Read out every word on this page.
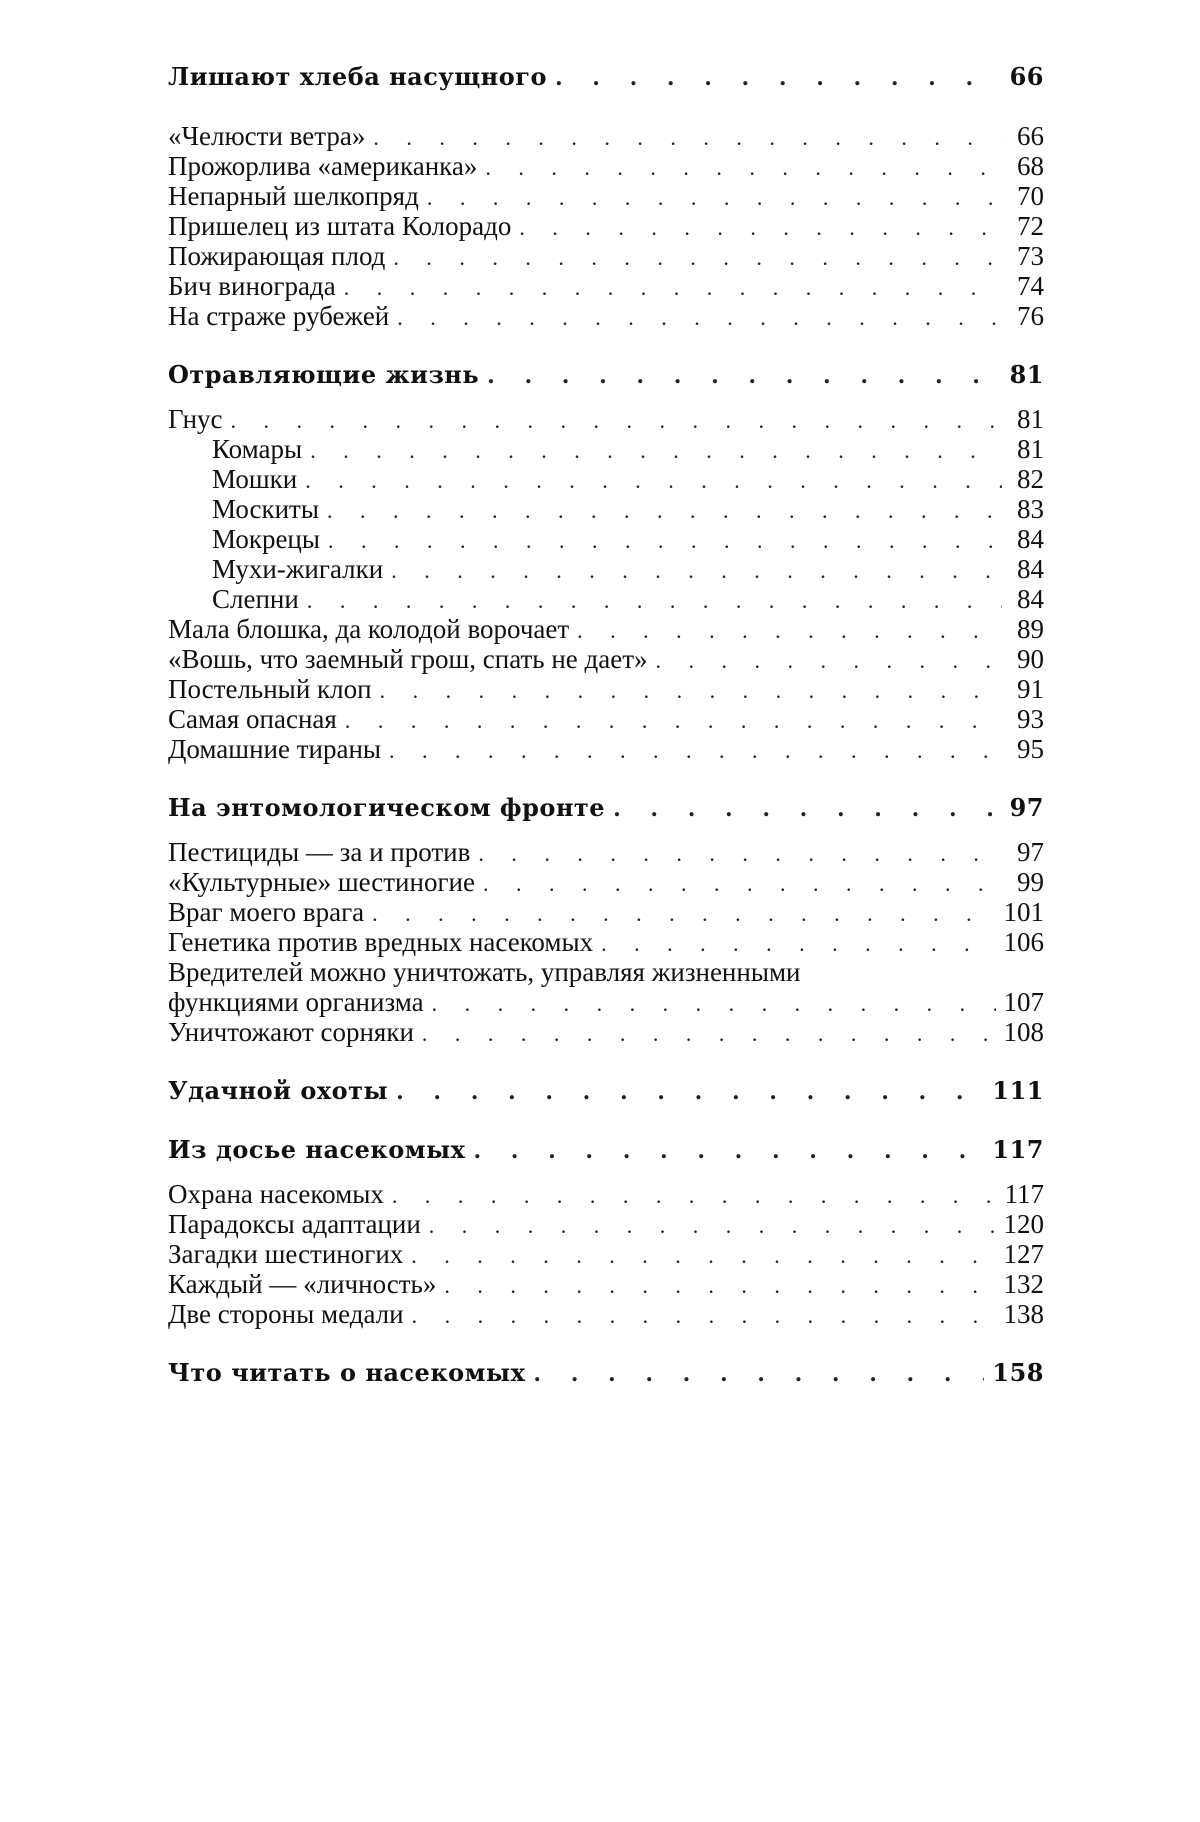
Лишают хлеба насущного
. . .	66
«Челюсти ветра»
. . .	66
Прожорлива «американка»
. . .	68
Непарный шелкопряд
. . .	70
Пришелец из штата Колорадо
. . .	72
Пожирающая плод
. . .	73
Бич винограда
. . .	74
На страже рубежей
. . .	76
Отравляющие жизнь
. . .	81
Гнус
. . .	81
Комары
. . .	81
Мошки
. . .	82
Москиты
. . .	83
Мокрецы
. . .	84
Мухи-жигалки
. . .	84
Слепни
. . .	84
Мала блошка, да колодой ворочает
. . .	89
«Вошь, что заемный грош, спать не дает»
. . .	90
Постельный клоп
. . .	91
Самая опасная
. . .	93
Домашние тираны
. . .	95
На энтомологическом фронте
. . .	97
Пестициды — за и против
. . .	97
«Культурные» шестиногие
. . .	99
Враг моего врага
. . .	101
Генетика против вредных насекомых
. . .	106
Вредителей можно уничтожать, управляя жизненными
функциями организма
. . .	107
Уничтожают сорняки
. . .	108
Удачной охоты
. . .	111
Из досье насекомых
. . .	117
Охрана насекомых
. . .	117
Парадоксы адаптации
. . .	120
Загадки шестиногих
. . .	127
Каждый — «личность»
. . .	132
Две стороны медали
. . .	138
Что читать о насекомых
. . .	158
